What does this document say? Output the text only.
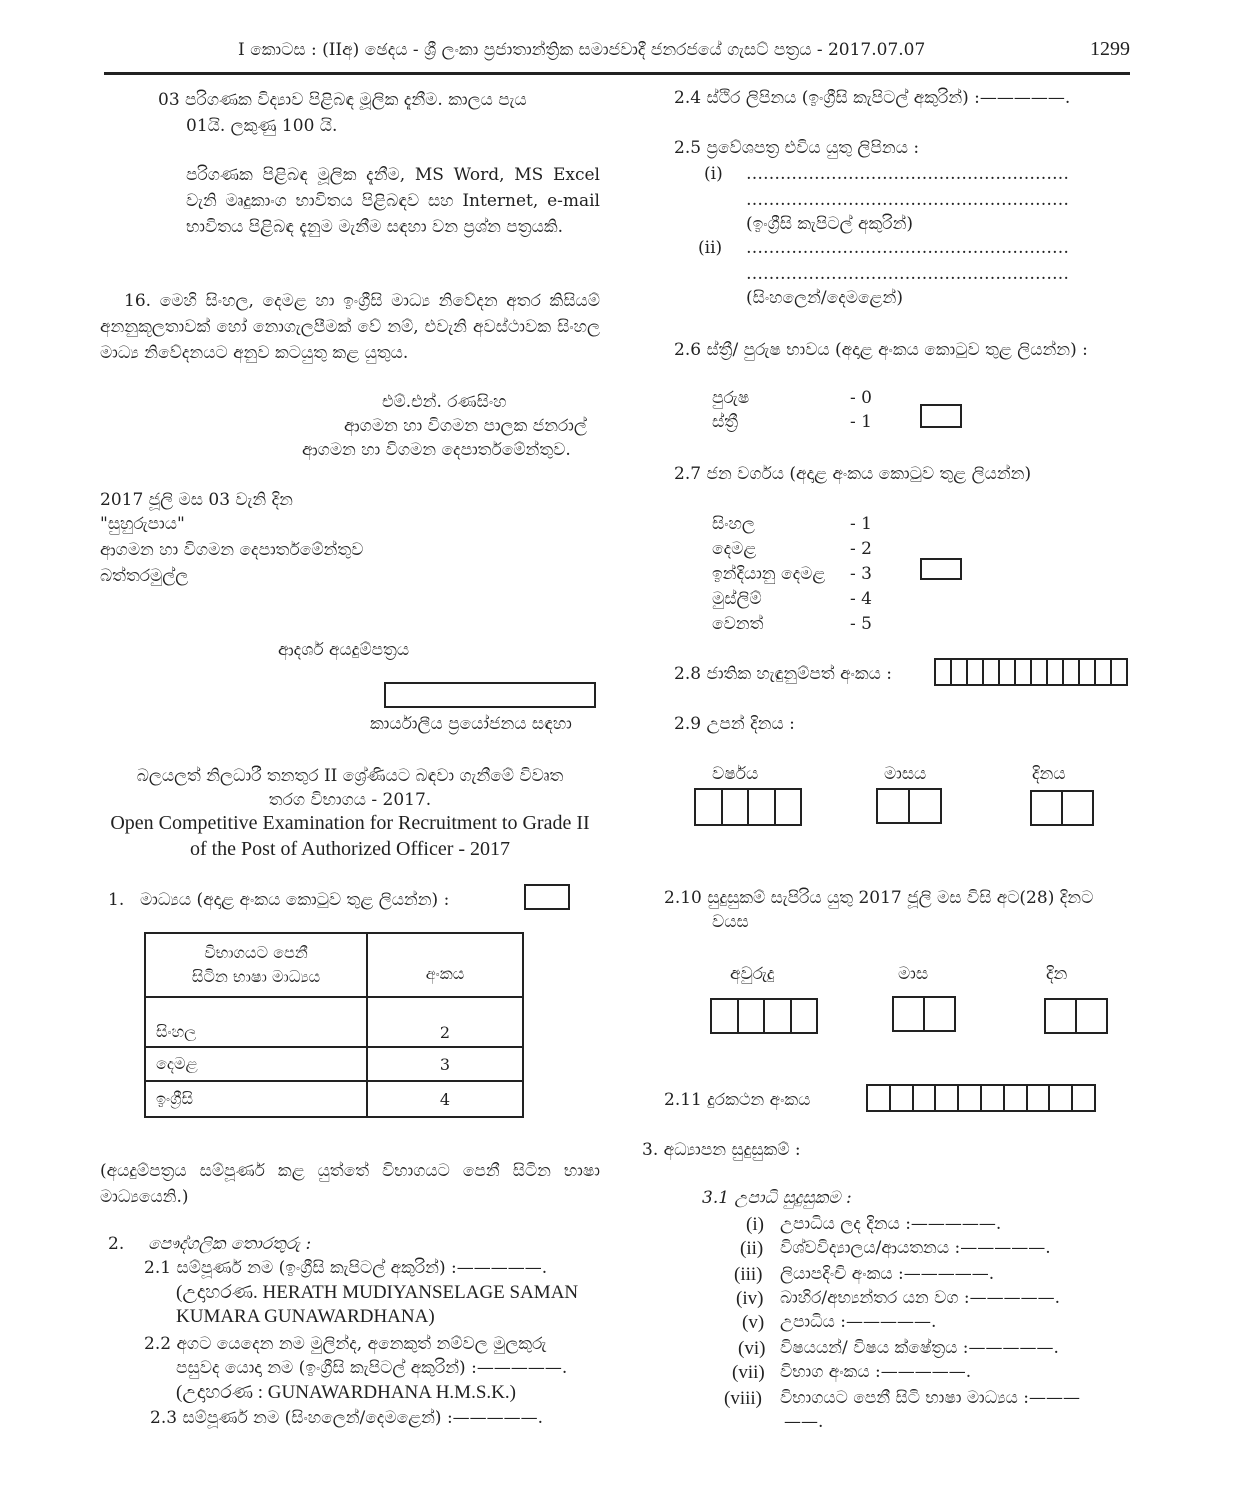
I කොටස : (IIඅ) ඡෙදය - ශ්‍රී ලංකා ප්‍රජාතාන්ත්‍රික සමාජවාදී ජනරජයේ ගැසට් පත්‍රය - 2017.07.07	1299
03 පරිගණක විද්‍යාව පිළිබඳ මූලික දැනීම. කාලය පැය
01යි. ලකුණු 100 යි.
පරිගණක පිළිබඳ මූලික දැනීම, MS Word, MS Excel වැනි මෘදුකාංග භාවිතය පිළිබඳව සහ Internet, e-mail භාවිතය පිළිබඳ දැනුම මැනීම සඳහා වන ප්‍රශ්න පත්‍රයකි.
16. මෙහි සිංහල, දෙමළ හා ඉංග්‍රීසි මාධ්‍ය නිවේදන අතර කිසියම් අනනුකූලතාවක් හෝ නොගැලපීමක් වේ නම්, එවැනි අවස්ථාවක සිංහල මාධ්‍ය නිවේදනයට අනුව කටයුතු කළ යුතුය.
එම්.එන්. රණසිංහ
ආගමන හා විගමන පාලක ජනරාල්
ආගමන හා විගමන දෙපාර්තමේන්තුව.
2017 ජූලි මස 03 වැනි දින
"සුහුරුපාය"
ආගමන හා විගමන දෙපාර්තමේන්තුව
බත්තරමුල්ල
ආදර්ශ අයදුම්පත්‍රය
කාර්යාලීය ප්‍රයෝජනය සඳහා
බලයලත් නිලධාරී තනතුර II ශ්‍රේණියට බඳවා ගැනීමේ විවෘත
තරග විභාගය - 2017.
Open Competitive Examination for Recruitment to Grade II
of the Post of Authorized Officer - 2017
1. මාධ්‍යය (අදාළ අංකය කොටුව තුළ ලියන්න) :
විභාගයට පෙනී
සිටින භාෂා මාධ්‍යය	අංකය
සිංහල	2
දෙමළ	3
ඉංග්‍රීසි	4
(අයදුම්පත්‍රය සම්පූර්ණ කළ යුත්තේ විභාගයට පෙනී සිටින භාෂා මාධ්‍යයෙනි.)
2. පෞද්ගලික තොරතුරු :
2.1 සම්පූර්ණ නම (ඉංග්‍රීසි කැපිටල් අකුරින්) :—————.
(උදාහරණ. HERATH MUDIYANSELAGE SAMAN
KUMARA GUNAWARDHANA)
2.2 අගට යෙදෙන නම මුලින්ද, අනෙකුත් නම්වල මුලකුරු
පසුවද යොදා නම (ඉංග්‍රීසි කැපිටල් අකුරින්) :—————.
(උදාහරණ : GUNAWARDHANA H.M.S.K.)
2.3 සම්පූර්ණ නම (සිංහලෙන්/දෙමළෙන්) :—————.
2.4 ස්ථිර ලිපිනය (ඉංග්‍රීසි කැපිටල් අකුරින්) :—————.
2.5 ප්‍රවේශපත්‍ර එවිය යුතු ලිපිනය :
(i) …………………………………………………
…………………………………………………
(ඉංග්‍රීසි කැපිටල් අකුරින්)
(ii) …………………………………………………
…………………………………………………
(සිංහලෙන්/දෙමළෙන්)
2.6 ස්ත්‍රී/ පුරුෂ භාවය (අදාළ අංකය කොටුව තුළ ලියන්න) :
පුරුෂ	- 0
ස්ත්‍රී	- 1
2.7 ජන වර්ගය (අදාළ අංකය කොටුව තුළ ලියන්න)
සිංහල	- 1
දෙමළ	- 2
ඉන්දියානු දෙමළ - 3
මුස්ලිම්	- 4
වෙනත්	- 5
2.8 ජාතික හැඳුනුම්පත් අංකය :
2.9 උපන් දිනය :
වර්ෂය	මාසය	දිනය
2.10 සුදුසුකම් සැපිරිය යුතු 2017 ජූලි මස විසි අට(28) දිනට
වයස
අවුරුදු	මාස	දින
2.11 දුරකථන අංකය
3. අධ්‍යාපන සුදුසුකම් :
3.1 උපාධි සුදුසුකම :
(i) උපාධිය ලද දිනය :—————.
(ii) විශ්වවිද්‍යාලය/ආයතනය :—————.
(iii) ලියාපදිංචි අංකය :—————.
(iv) බාහිර/අභ්‍යන්තර යන වග :—————.
(v) උපාධිය :—————.
(vi) විෂයයන්/ විෂය ක්ෂේත්‍රය :—————.
(vii) විභාග අංකය :—————.
(viii) විභාගයට පෙනී සිටි භාෂා මාධ්‍යය :———
——.
